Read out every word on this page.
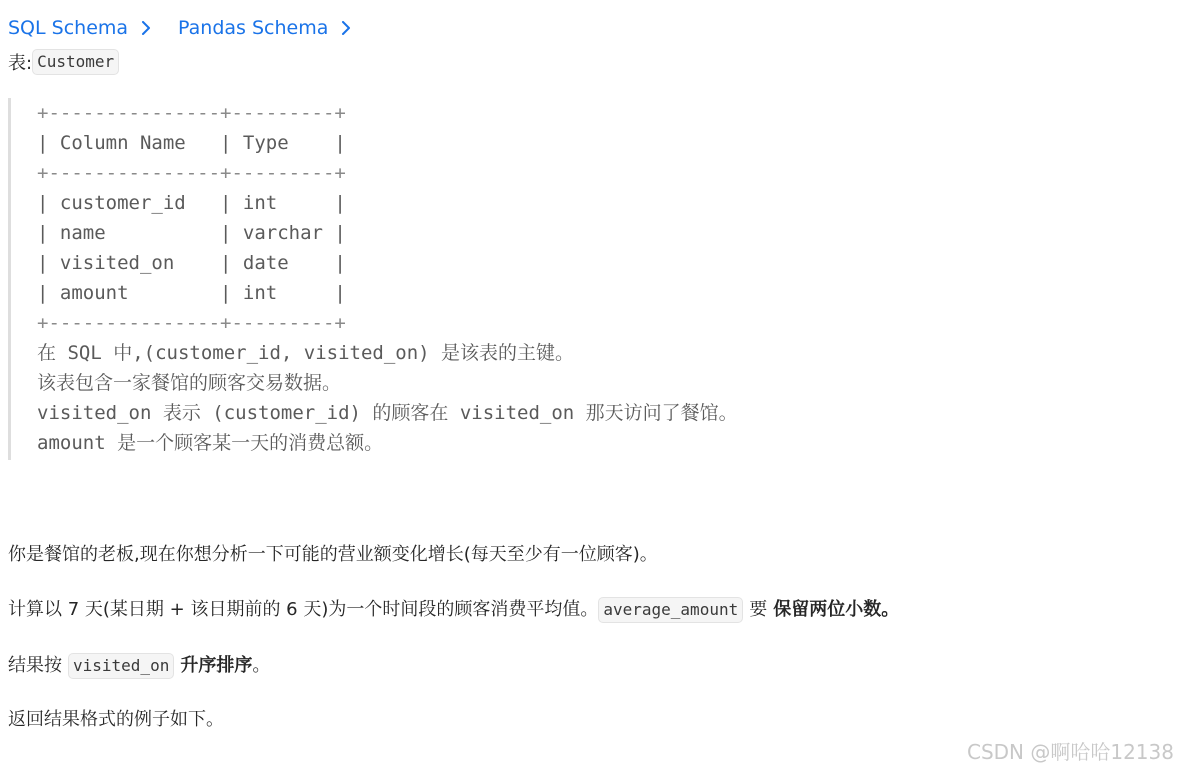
SQL Schema	Pandas Schema
表: Customer
+---------------+---------+
| Column Name   | Type    |
+---------------+---------+
| customer_id   | int     |
| name          | varchar |
| visited_on    | date    |
| amount        | int     |
+---------------+---------+
在 SQL 中,(customer_id, visited_on) 是该表的主键。
该表包含一家餐馆的顾客交易数据。
visited_on 表示 (customer_id) 的顾客在 visited_on 那天访问了餐馆。
amount 是一个顾客某一天的消费总额。

你是餐馆的老板,现在你想分析一下可能的营业额变化增长(每天至少有一位顾客)。

计算以 7 天(某日期 + 该日期前的 6 天)为一个时间段的顾客消费平均值。 average_amount 要 保留两位小数。

结果按 visited_on 升序排序 。

返回结果格式的例子如下。

CSDN @啊哈哈12138
